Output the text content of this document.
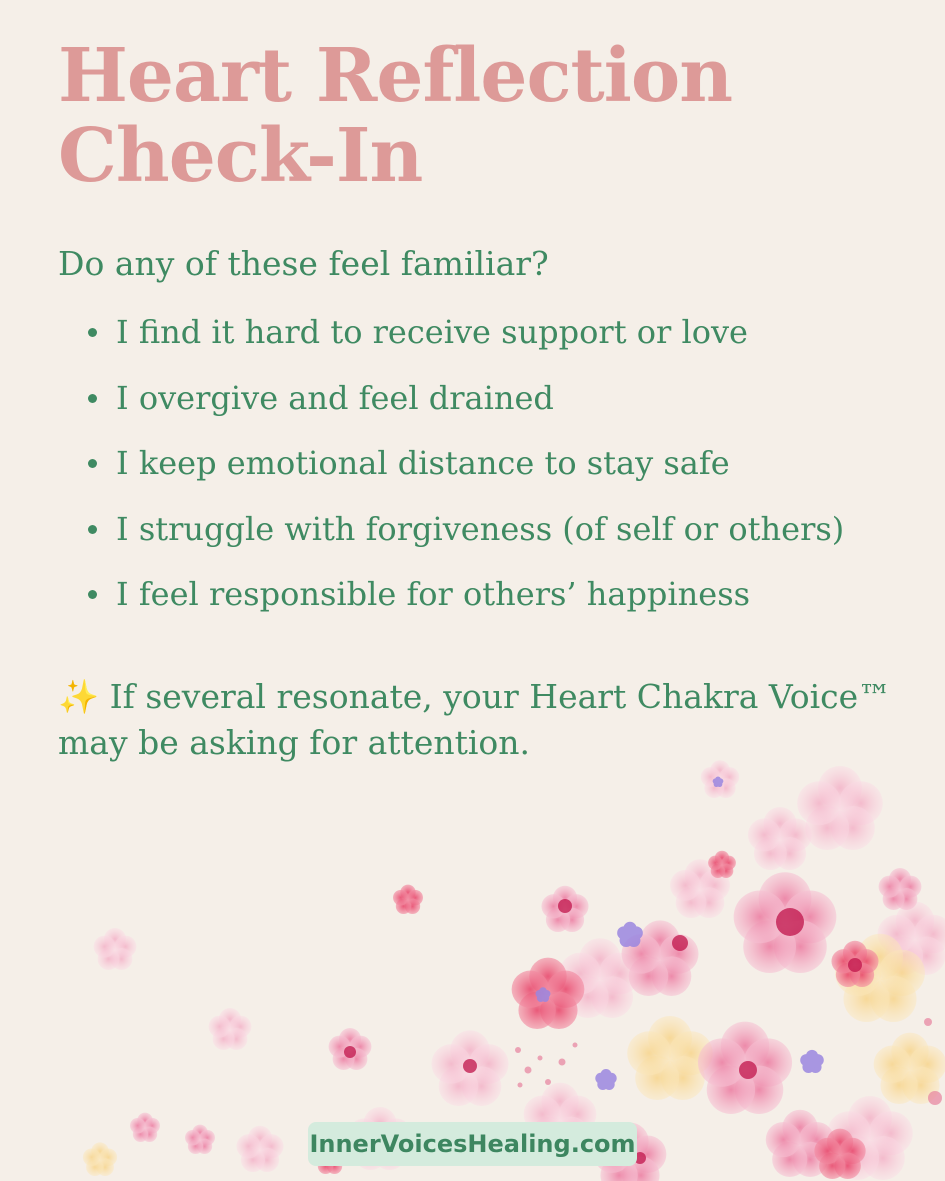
Heart Reflection
Check-In

Do any of these feel familiar?

I find it hard to receive support or love
I overgive and feel drained
I keep emotional distance to stay safe
I struggle with forgiveness (of self or others)
I feel responsible for others’ happiness

✨ If several resonate, your Heart Chakra Voice™ may be asking for attention.

InnerVoicesHealing.com
